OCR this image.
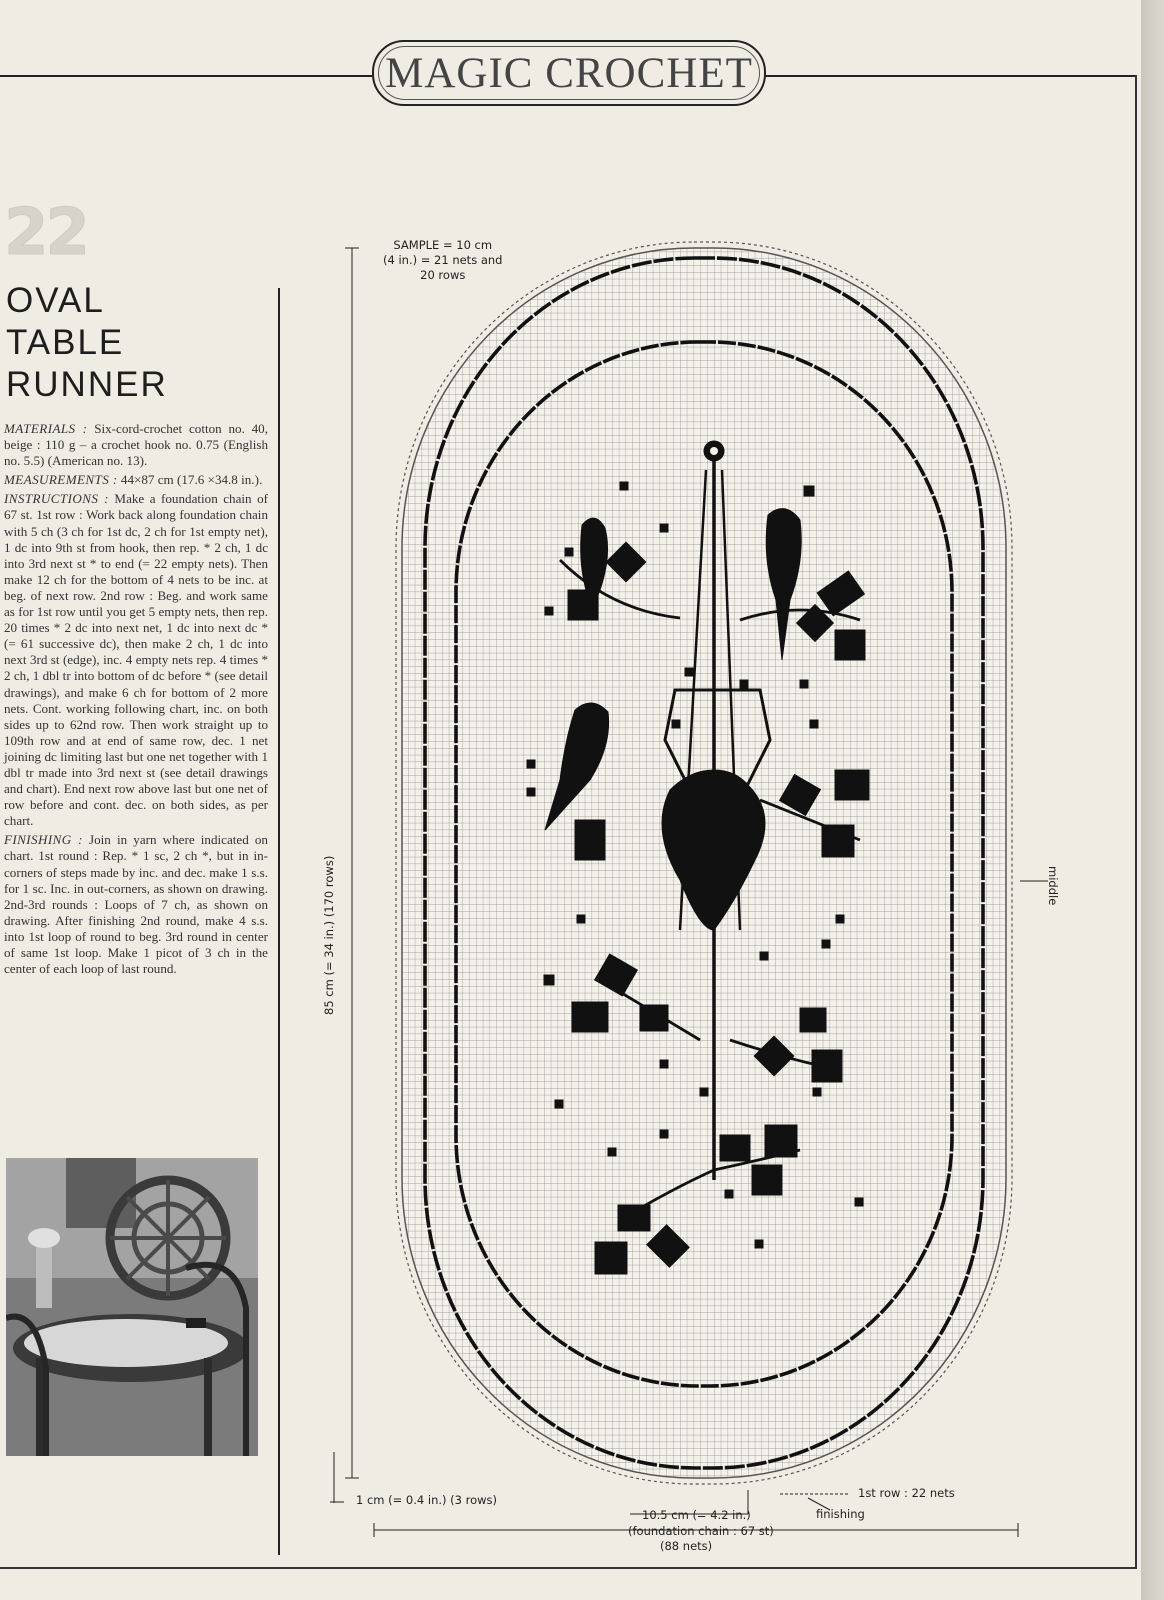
MAGIC CROCHET
22
OVAL
TABLE
RUNNER

MATERIALS : Six-cord-crochet cotton no. 40, beige : 110 g – a crochet hook no. 0.75 (English no. 5.5) (American no. 13).

MEASUREMENTS : 44×87 cm (17.6 ×34.8 in.).

INSTRUCTIONS : Make a foundation chain of 67 st. 1st row : Work back along foundation chain with 5 ch (3 ch for 1st dc, 2 ch for 1st empty net), 1 dc into 9th st from hook, then rep. * 2 ch, 1 dc into 3rd next st * to end (= 22 empty nets). Then make 12 ch for the bottom of 4 nets to be inc. at beg. of next row. 2nd row : Beg. and work same as for 1st row until you get 5 empty nets, then rep. 20 times * 2 dc into next net, 1 dc into next dc * (= 61 successive dc), then make 2 ch, 1 dc into next 3rd st (edge), inc. 4 empty nets rep. 4 times * 2 ch, 1 dbl tr into bottom of dc before * (see detail drawings), and make 6 ch for bottom of 2 more nets. Cont. working following chart, inc. on both sides up to 62nd row. Then work straight up to 109th row and at end of same row, dec. 1 net joining dc limiting last but one net together with 1 dbl tr made into 3rd next st (see detail drawings and chart). End next row above last but one net of row before and cont. dec. on both sides, as per chart.

FINISHING : Join in yarn where indicated on chart. 1st round : Rep. * 1 sc, 2 ch *, but in in-corners of steps made by inc. and dec. make 1 s.s. for 1 sc. Inc. in out-corners, as shown on drawing. 2nd-3rd rounds : Loops of 7 ch, as shown on drawing. After finishing 2nd round, make 4 s.s. into 1st loop of round to beg. 3rd round in center of same 1st loop. Make 1 picot of 3 ch in the center of each loop of last round.

SAMPLE = 10 cm
(4 in.) = 21 nets and
20 rows
85 cm (= 34 in.) (170 rows)	middle
1 cm (= 0.4 in.) (3 rows)	1st row : 22 nets
finishing
10.5 cm (= 4.2 in.)
(foundation chain : 67 st)
(88 nets)
